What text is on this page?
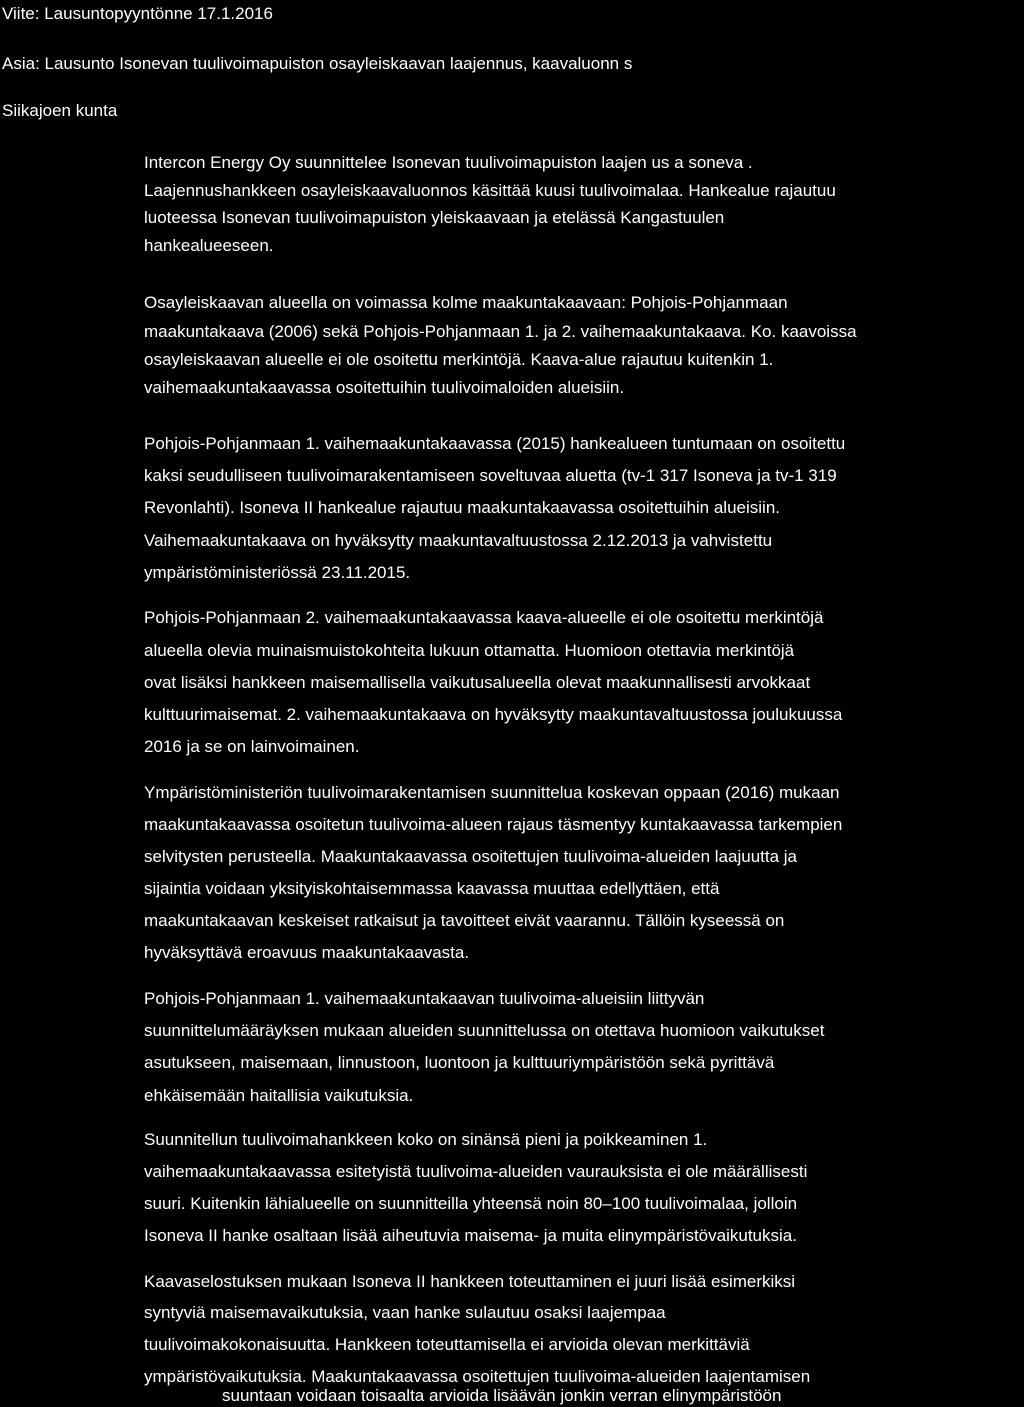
Viite: Lausuntopyyntönne 17.1.2016

Asia: Lausunto Isonevan tuulivoimapuiston osayleiskaavan laajennus, kaavaluonn s

Siikajoen kunta

Intercon Energy Oy suunnittelee Isonevan tuulivoimapuiston laajen us a soneva .

Laajennushankkeen osayleiskaavaluonnos käsittää kuusi tuulivoimalaa. Hankealue rajautuu

luoteessa Isonevan tuulivoimapuiston yleiskaavaan ja etelässä Kangastuulen

hankealueeseen.

Osayleiskaavan alueella on voimassa kolme maakuntakaavaan: Pohjois-Pohjanmaan

maakuntakaava (2006) sekä Pohjois-Pohjanmaan 1. ja 2. vaihemaakuntakaava. Ko. kaavoissa

osayleiskaavan alueelle ei ole osoitettu merkintöjä. Kaava-alue rajautuu kuitenkin 1.

vaihemaakuntakaavassa osoitettuihin tuulivoimaloiden alueisiin.

Pohjois-Pohjanmaan 1. vaihemaakuntakaavassa (2015) hankealueen tuntumaan on osoitettu

kaksi seudulliseen tuulivoimarakentamiseen soveltuvaa aluetta (tv-1 317 Isoneva ja tv-1 319

Revonlahti). Isoneva II hankealue rajautuu maakuntakaavassa osoitettuihin alueisiin.

Vaihemaakuntakaava on hyväksytty maakuntavaltuustossa 2.12.2013 ja vahvistettu

ympäristöministeriössä 23.11.2015.

Pohjois-Pohjanmaan 2. vaihemaakuntakaavassa kaava-alueelle ei ole osoitettu merkintöjä

alueella olevia muinaismuistokohteita lukuun ottamatta. Huomioon otettavia merkintöjä

ovat lisäksi hankkeen maisemallisella vaikutusalueella olevat maakunnallisesti arvokkaat

kulttuurimaisemat. 2. vaihemaakuntakaava on hyväksytty maakuntavaltuustossa joulukuussa

2016 ja se on lainvoimainen.

Ympäristöministeriön tuulivoimarakentamisen suunnittelua koskevan oppaan (2016) mukaan

maakuntakaavassa osoitetun tuulivoima-alueen rajaus täsmentyy kuntakaavassa tarkempien

selvitysten perusteella. Maakuntakaavassa osoitettujen tuulivoima-alueiden laajuutta ja

sijaintia voidaan yksityiskohtaisemmassa kaavassa muuttaa edellyttäen, että

maakuntakaavan keskeiset ratkaisut ja tavoitteet eivät vaarannu. Tällöin kyseessä on

hyväksyttävä eroavuus maakuntakaavasta.

Pohjois-Pohjanmaan 1. vaihemaakuntakaavan tuulivoima-alueisiin liittyvän

suunnittelumääräyksen mukaan alueiden suunnittelussa on otettava huomioon vaikutukset

asutukseen, maisemaan, linnustoon, luontoon ja kulttuuriympäristöön sekä pyrittävä

ehkäisemään haitallisia vaikutuksia.

Suunnitellun tuulivoimahankkeen koko on sinänsä pieni ja poikkeaminen 1.

vaihemaakuntakaavassa esitetyistä tuulivoima-alueiden vaurauksista ei ole määrällisesti

suuri. Kuitenkin lähialueelle on suunnitteilla yhteensä noin 80–100 tuulivoimalaa, jolloin

Isoneva II hanke osaltaan lisää aiheutuvia maisema- ja muita elinympäristövaikutuksia.

Kaavaselostuksen mukaan Isoneva II hankkeen toteuttaminen ei juuri lisää esimerkiksi

syntyviä maisemavaikutuksia, vaan hanke sulautuu osaksi laajempaa

tuulivoimakokonaisuutta. Hankkeen toteuttamisella ei arvioida olevan merkittäviä

ympäristövaikutuksia. Maakuntakaavassa osoitettujen tuulivoima-alueiden laajentamisen

suuntaan voidaan toisaalta arvioida lisäävän jonkin verran elinympäristöön
